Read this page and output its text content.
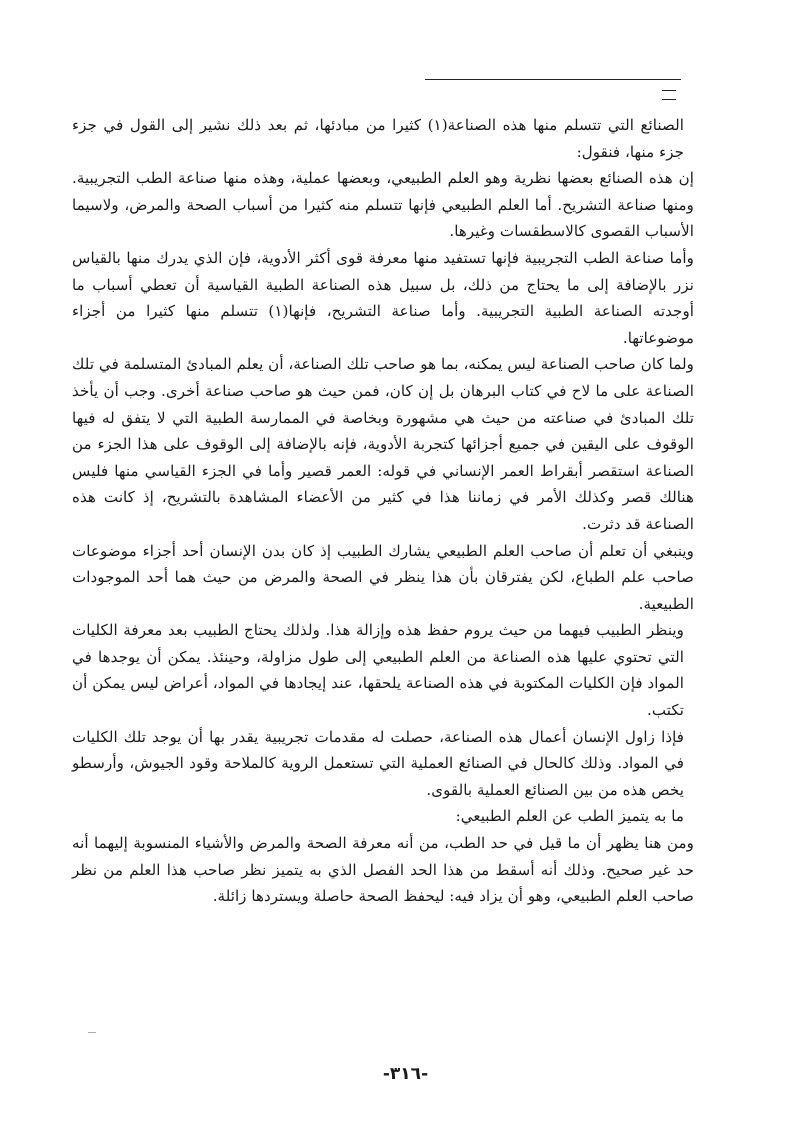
الصنائع التي تتسلم منها هذه الصناعة(١) كثيرا من مبادئها، ثم بعد ذلك نشير إلى القول في جزء جزء منها، فنقول:

إن هذه الصنائع بعضها نظرية وهو العلم الطبيعي، وبعضها عملية، وهذه منها صناعة الطب التجريبية. ومنها صناعة التشريح. أما العلم الطبيعي فإنها تتسلم منه كثيرا من أسباب الصحة والمرض، ولاسيما الأسباب القصوى كالاسطقسات وغيرها.

وأما صناعة الطب التجريبية فإنها تستفيد منها معرفة قوى أكثر الأدوية، فإن الذي يدرك منها بالقياس نزر بالإضافة إلى ما يحتاج من ذلك، بل سبيل هذه الصناعة الطبية القياسية أن تعطي أسباب ما أوجدته الصناعة الطبية التجريبية. وأما صناعة التشريح، فإنها(١) تتسلم منها كثيرا من أجزاء موضوعاتها.

ولما كان صاحب الصناعة ليس يمكنه، بما هو صاحب تلك الصناعة، أن يعلم المبادئ المتسلمة في تلك الصناعة على ما لاح في كتاب البرهان بل إن كان، فمن حيث هو صاحب صناعة أخرى. وجب أن يأخذ تلك المبادئ في صناعته من حيث هي مشهورة وبخاصة في الممارسة الطبية التي لا يتفق له فيها الوقوف على اليقين في جميع أجزائها كتجربة الأدوية، فإنه بالإضافة إلى الوقوف على هذا الجزء من الصناعة استقصر أبقراط العمر الإنساني في قوله: العمر قصير وأما في الجزء القياسي منها فليس هنالك قصر وكذلك الأمر في زماننا هذا في كثير من الأعضاء المشاهدة بالتشريح، إذ كانت هذه الصناعة قد دثرت.

وينبغي أن تعلم أن صاحب العلم الطبيعي يشارك الطبيب إذ كان بدن الإنسان أحد أجزاء موضوعات صاحب علم الطباع، لكن يفترقان بأن هذا ينظر في الصحة والمرض من حيث هما أحد الموجودات الطبيعية.

وينظر الطبيب فيهما من حيث يروم حفظ هذه وإزالة هذا. ولذلك يحتاج الطبيب بعد معرفة الكليات التي تحتوي عليها هذه الصناعة من العلم الطبيعي إلى طول مزاولة، وحينئذ. يمكن أن يوجدها في المواد فإن الكليات المكتوبة في هذه الصناعة يلحقها، عند إيجادها في المواد، أعراض ليس يمكن أن تكتب.

فإذا زاول الإنسان أعمال هذه الصناعة، حصلت له مقدمات تجريبية يقدر بها أن يوجد تلك الكليات في المواد. وذلك كالحال في الصنائع العملية التي تستعمل الروية كالملاحة وقود الجيوش، وأرسطو يخص هذه من بين الصنائع العملية بالقوى.

ما به يتميز الطب عن العلم الطبيعي:

ومن هنا يظهر أن ما قيل في حد الطب، من أنه معرفة الصحة والمرض والأشياء المنسوبة إليهما أنه حد غير صحيح. وذلك أنه أسقط من هذا الحد الفصل الذي به يتميز نظر صاحب هذا العلم من نظر صاحب العلم الطبيعي، وهو أن يزاد فيه: ليحفظ الصحة حاصلة ويستردها زائلة.

-٣١٦-
